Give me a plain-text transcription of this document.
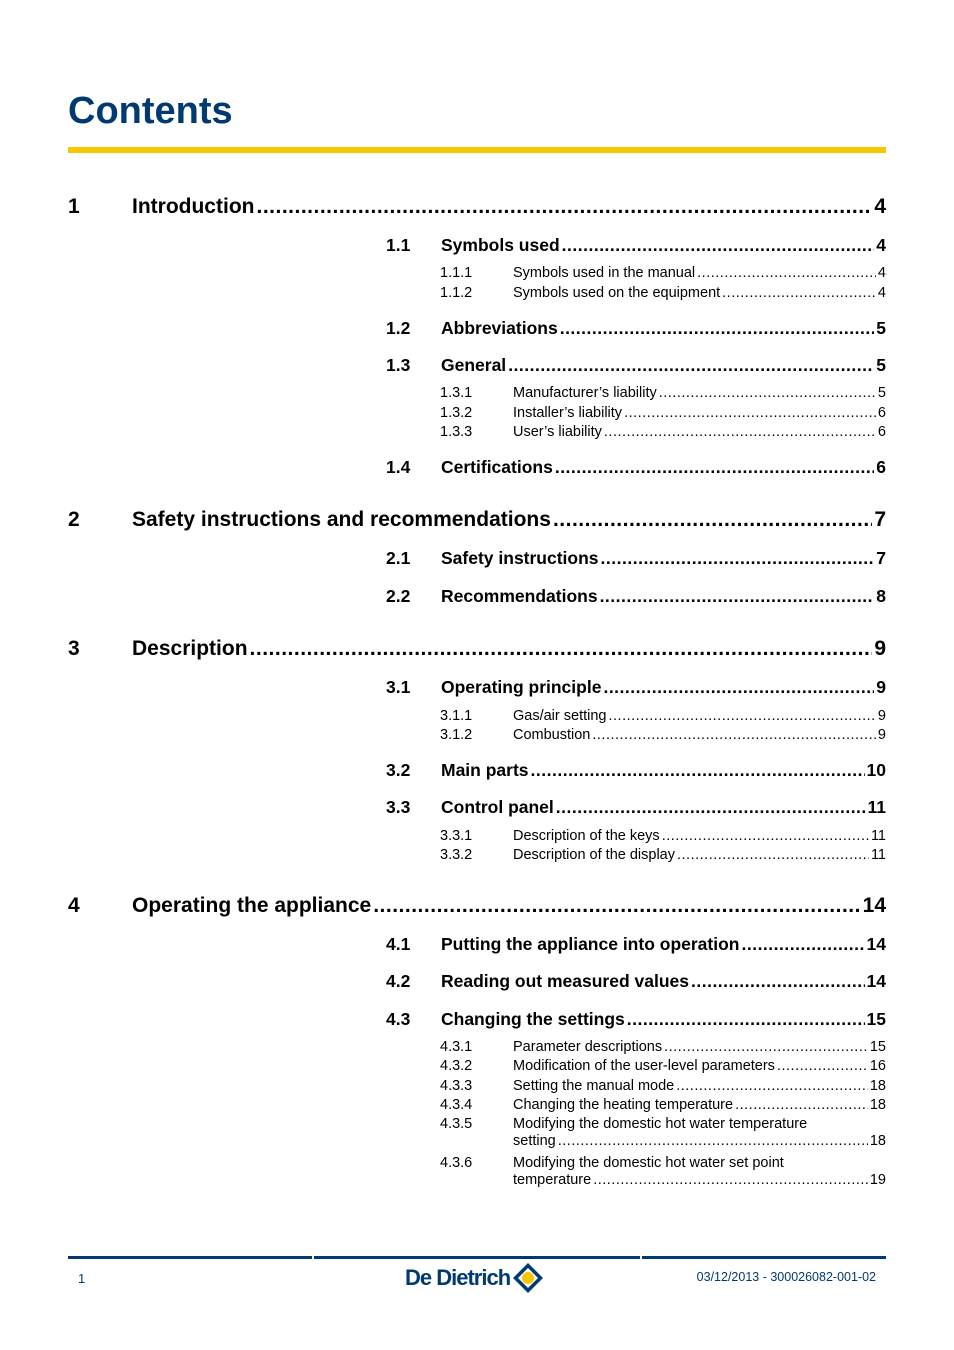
Contents
1	Introduction .....	4
1.1	Symbols used .....	4
1.1.1	Symbols used in the manual .....	4
1.1.2	Symbols used on the equipment .....	4
1.2	Abbreviations .....	5
1.3	General .....	5
1.3.1	Manufacturer’s liability .....	5
1.3.2	Installer’s liability .....	6
1.3.3	User’s liability .....	6
1.4	Certifications .....	6
2	Safety instructions and recommendations .....	7
2.1	Safety instructions .....	7
2.2	Recommendations .....	8
3	Description .....	9
3.1	Operating principle .....	9
3.1.1	Gas/air setting .....	9
3.1.2	Combustion .....	9
3.2	Main parts .....	10
3.3	Control panel .....	11
3.3.1	Description of the keys .....	11
3.3.2	Description of the display .....	11
4	Operating the appliance .....	14
4.1	Putting the appliance into operation .....	14
4.2	Reading out measured values .....	14
4.3	Changing the settings .....	15
4.3.1	Parameter descriptions .....	15
4.3.2	Modification of the user-level parameters .....	16
4.3.3	Setting the manual mode .....	18
4.3.4	Changing the heating temperature .....	18
4.3.5	Modifying the domestic hot water temperature
setting .....	18
4.3.6	Modifying the domestic hot water set point
temperature .....	19
1	De Dietrich	03/12/2013 - 300026082-001-02
